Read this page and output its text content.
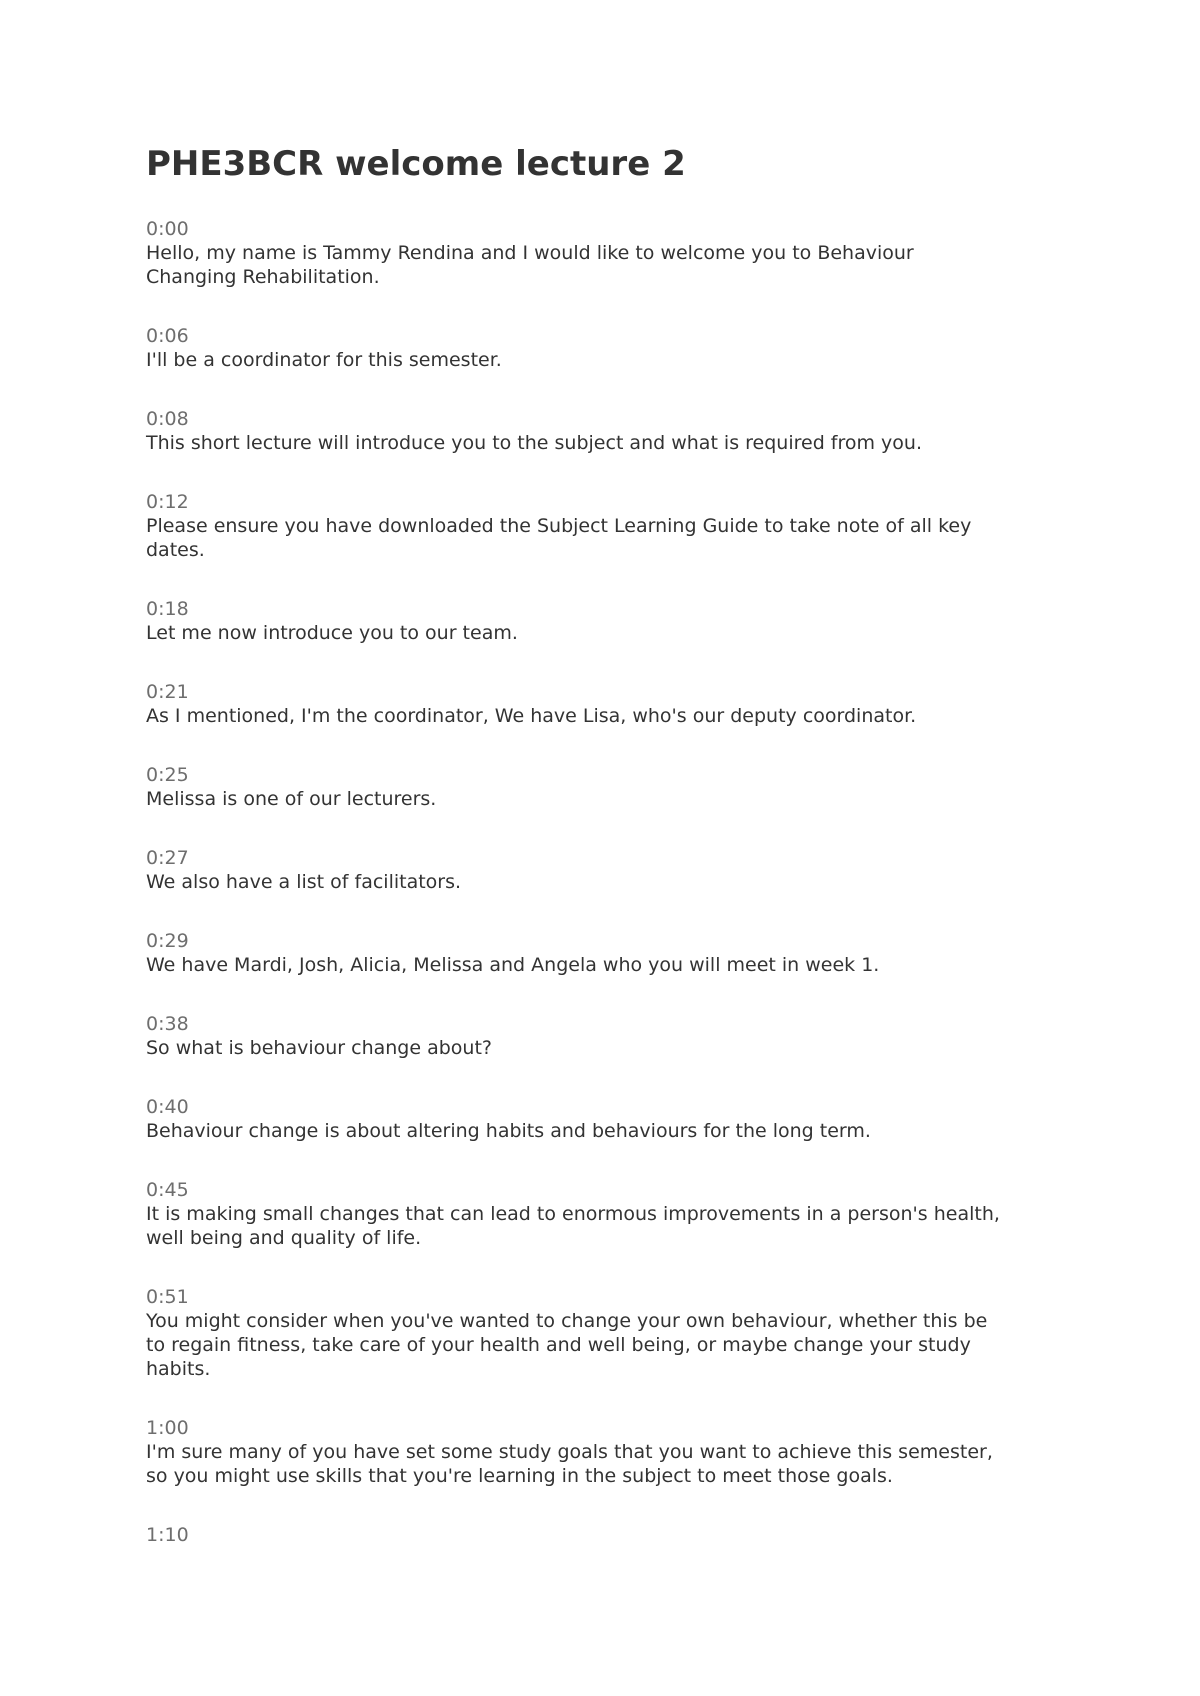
PHE3BCR welcome lecture 2
0:00
Hello, my name is Tammy Rendina and I would like to welcome you to Behaviour
Changing Rehabilitation.
0:06
I'll be a coordinator for this semester.
0:08
This short lecture will introduce you to the subject and what is required from you.
0:12
Please ensure you have downloaded the Subject Learning Guide to take note of all key
dates.
0:18
Let me now introduce you to our team.
0:21
As I mentioned, I'm the coordinator, We have Lisa, who's our deputy coordinator.
0:25
Melissa is one of our lecturers.
0:27
We also have a list of facilitators.
0:29
We have Mardi, Josh, Alicia, Melissa and Angela who you will meet in week 1.
0:38
So what is behaviour change about?
0:40
Behaviour change is about altering habits and behaviours for the long term.
0:45
It is making small changes that can lead to enormous improvements in a person's health,
well being and quality of life.
0:51
You might consider when you've wanted to change your own behaviour, whether this be
to regain fitness, take care of your health and well being, or maybe change your study
habits.
1:00
I'm sure many of you have set some study goals that you want to achieve this semester,
so you might use skills that you're learning in the subject to meet those goals.
1:10
